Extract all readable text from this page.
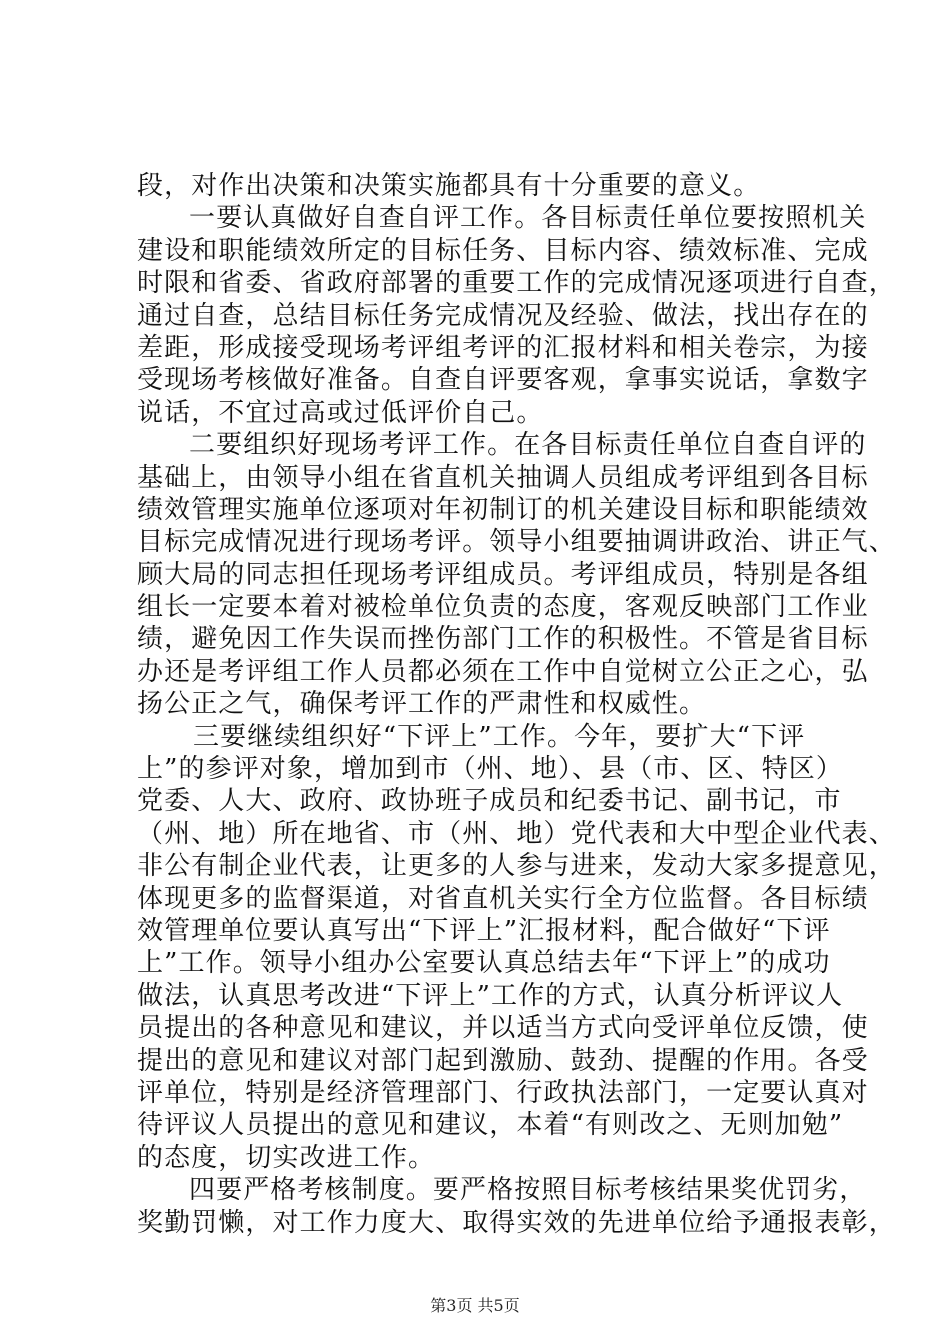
段，对作出决策和决策实施都具有十分重要的意义。
一要认真做好自查自评工作。各目标责任单位要按照机关
建设和职能绩效所定的目标任务、目标内容、绩效标准、完成
时限和省委、省政府部署的重要工作的完成情况逐项进行自查，
通过自查，总结目标任务完成情况及经验、做法，找出存在的
差距，形成接受现场考评组考评的汇报材料和相关卷宗，为接
受现场考核做好准备。自查自评要客观，拿事实说话，拿数字
说话，不宜过高或过低评价自己。
二要组织好现场考评工作。在各目标责任单位自查自评的
基础上，由领导小组在省直机关抽调人员组成考评组到各目标
绩效管理实施单位逐项对年初制订的机关建设目标和职能绩效
目标完成情况进行现场考评。领导小组要抽调讲政治、讲正气、
顾大局的同志担任现场考评组成员。考评组成员，特别是各组
组长一定要本着对被检单位负责的态度，客观反映部门工作业
绩，避免因工作失误而挫伤部门工作的积极性。不管是省目标
办还是考评组工作人员都必须在工作中自觉树立公正之心，弘
扬公正之气，确保考评工作的严肃性和权威性。
三要继续组织好“下评上”工作。今年，要扩大“下评
上”的参评对象，增加到市（州、地）、县（市、区、特区）
党委、人大、政府、政协班子成员和纪委书记、副书记，市
（州、地）所在地省、市（州、地）党代表和大中型企业代表、
非公有制企业代表，让更多的人参与进来，发动大家多提意见，
体现更多的监督渠道，对省直机关实行全方位监督。各目标绩
效管理单位要认真写出“下评上”汇报材料，配合做好“下评
上”工作。领导小组办公室要认真总结去年“下评上”的成功
做法，认真思考改进“下评上”工作的方式，认真分析评议人
员提出的各种意见和建议，并以适当方式向受评单位反馈，使
提出的意见和建议对部门起到激励、鼓劲、提醒的作用。各受
评单位，特别是经济管理部门、行政执法部门，一定要认真对
待评议人员提出的意见和建议，本着“有则改之、无则加勉”
的态度，切实改进工作。
四要严格考核制度。要严格按照目标考核结果奖优罚劣，
奖勤罚懒，对工作力度大、取得实效的先进单位给予通报表彰，
第3页 共5页
